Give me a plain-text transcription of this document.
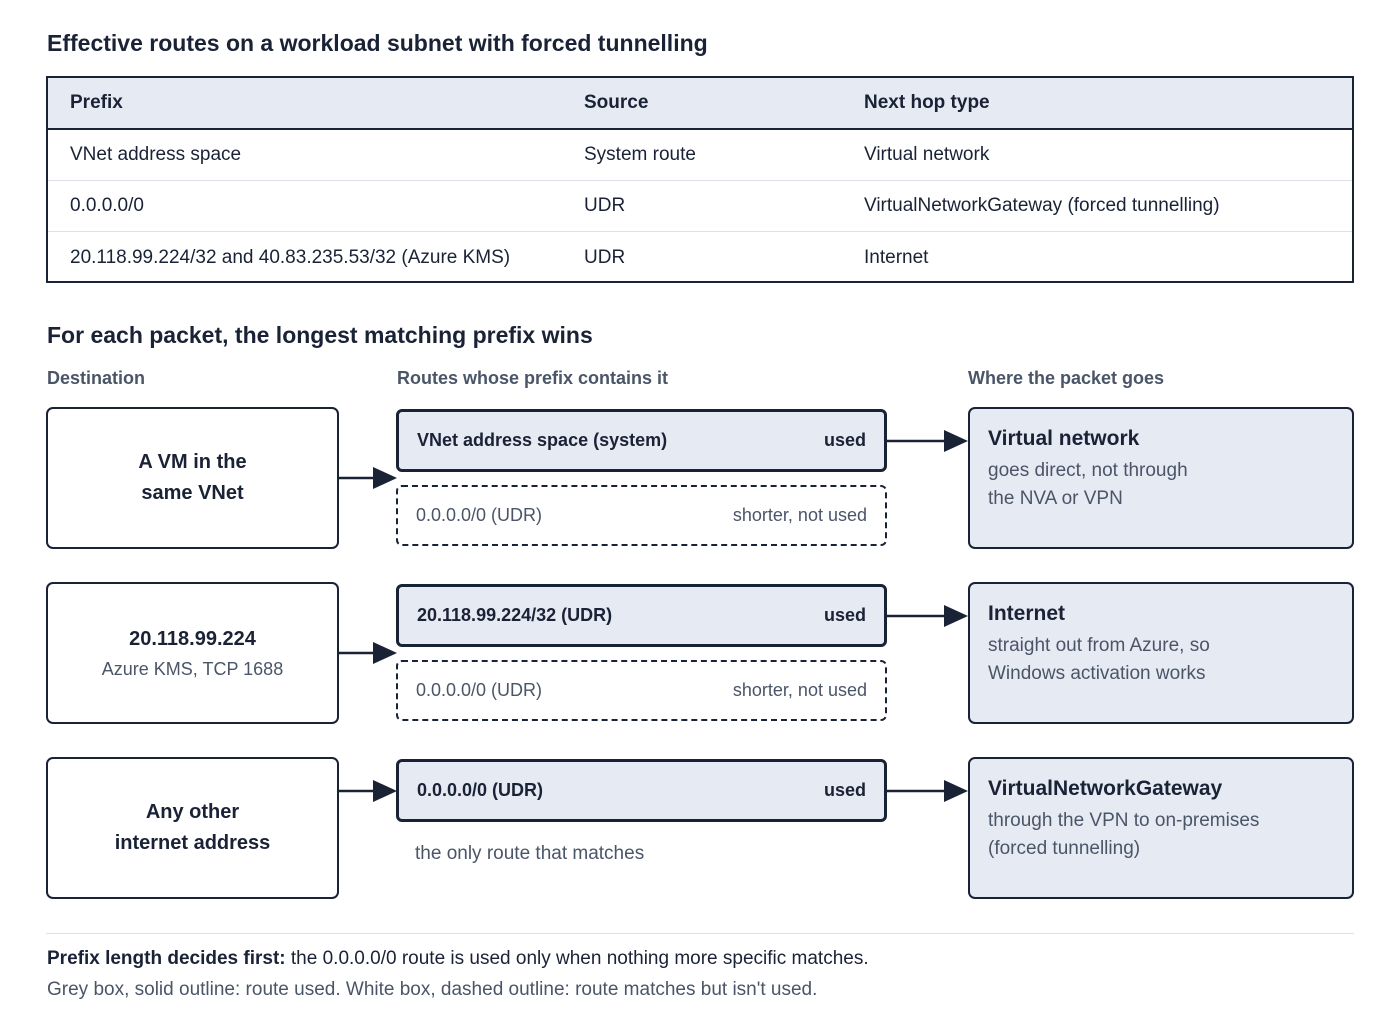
Effective routes on a workload subnet with forced tunnelling
Prefix	Source	Next hop type
VNet address space	System route	Virtual network
0.0.0.0/0	UDR	VirtualNetworkGateway (forced tunnelling)
20.118.99.224/32 and 40.83.235.53/32 (Azure KMS)	UDR	Internet
For each packet, the longest matching prefix wins
Destination	Routes whose prefix contains it	Where the packet goes
A VM in the
same VNet
VNet address space (system)	used
0.0.0.0/0 (UDR)	shorter, not used
Virtual network
goes direct, not through
the NVA or VPN
20.118.99.224
Azure KMS, TCP 1688
20.118.99.224/32 (UDR)	used
0.0.0.0/0 (UDR)	shorter, not used
Internet
straight out from Azure, so
Windows activation works
Any other
internet address
0.0.0.0/0 (UDR)	used
the only route that matches
VirtualNetworkGateway
through the VPN to on-premises
(forced tunnelling)
Prefix length decides first: the 0.0.0.0/0 route is used only when nothing more specific matches.
Grey box, solid outline: route used. White box, dashed outline: route matches but isn't used.
